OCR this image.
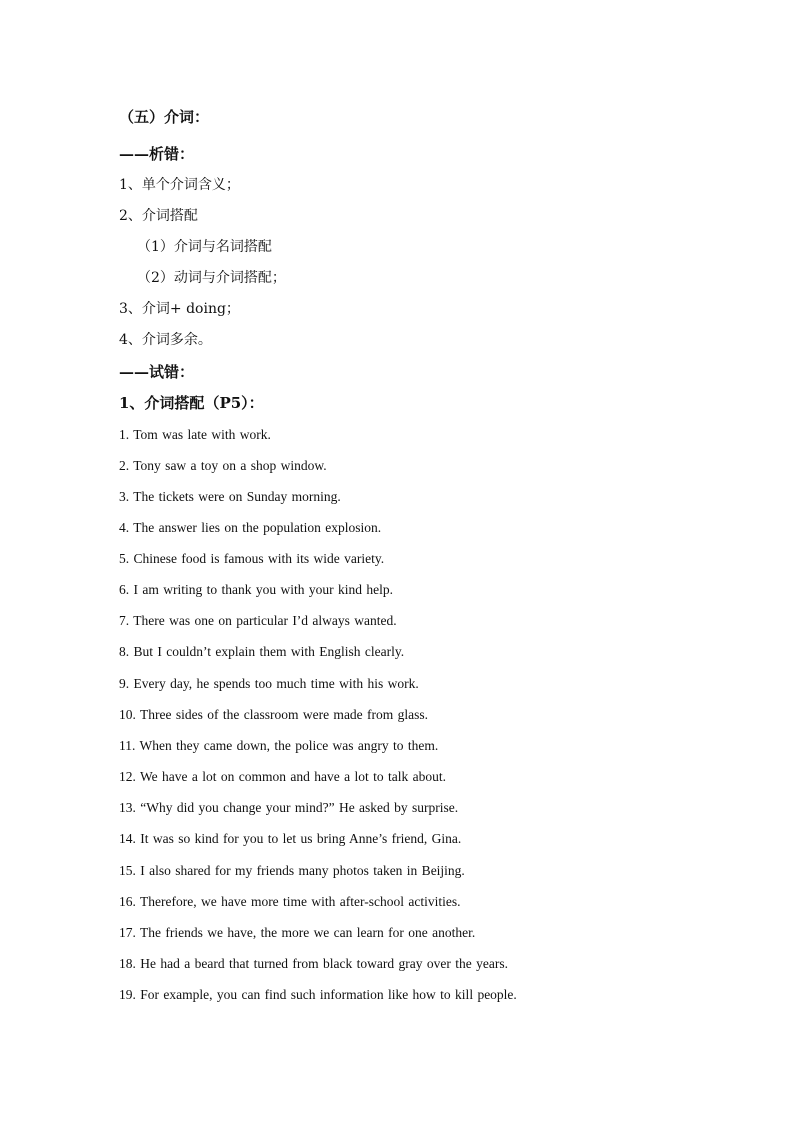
（五）介词：
——析错：
1、单个介词含义；
2、介词搭配
（1）介词与名词搭配
（2）动词与介词搭配；
3、介词+ doing；
4、介词多余。
——试错：
1、介词搭配（P5）：
1. Tom was late with work.
2. Tony saw a toy on a shop window.
3. The tickets were on Sunday morning.
4. The answer lies on the population explosion.
5. Chinese food is famous with its wide variety.
6. I am writing to thank you with your kind help.
7. There was one on particular I’d always wanted.
8. But I couldn’t explain them with English clearly.
9. Every day, he spends too much time with his work.
10. Three sides of the classroom were made from glass.
11. When they came down, the police was angry to them.
12. We have a lot on common and have a lot to talk about.
13. “Why did you change your mind?” He asked by surprise.
14. It was so kind for you to let us bring Anne’s friend, Gina.
15. I also shared for my friends many photos taken in Beijing.
16. Therefore, we have more time with after-school activities.
17. The friends we have, the more we can learn for one another.
18. He had a beard that turned from black toward gray over the years.
19. For example, you can find such information like how to kill people.
